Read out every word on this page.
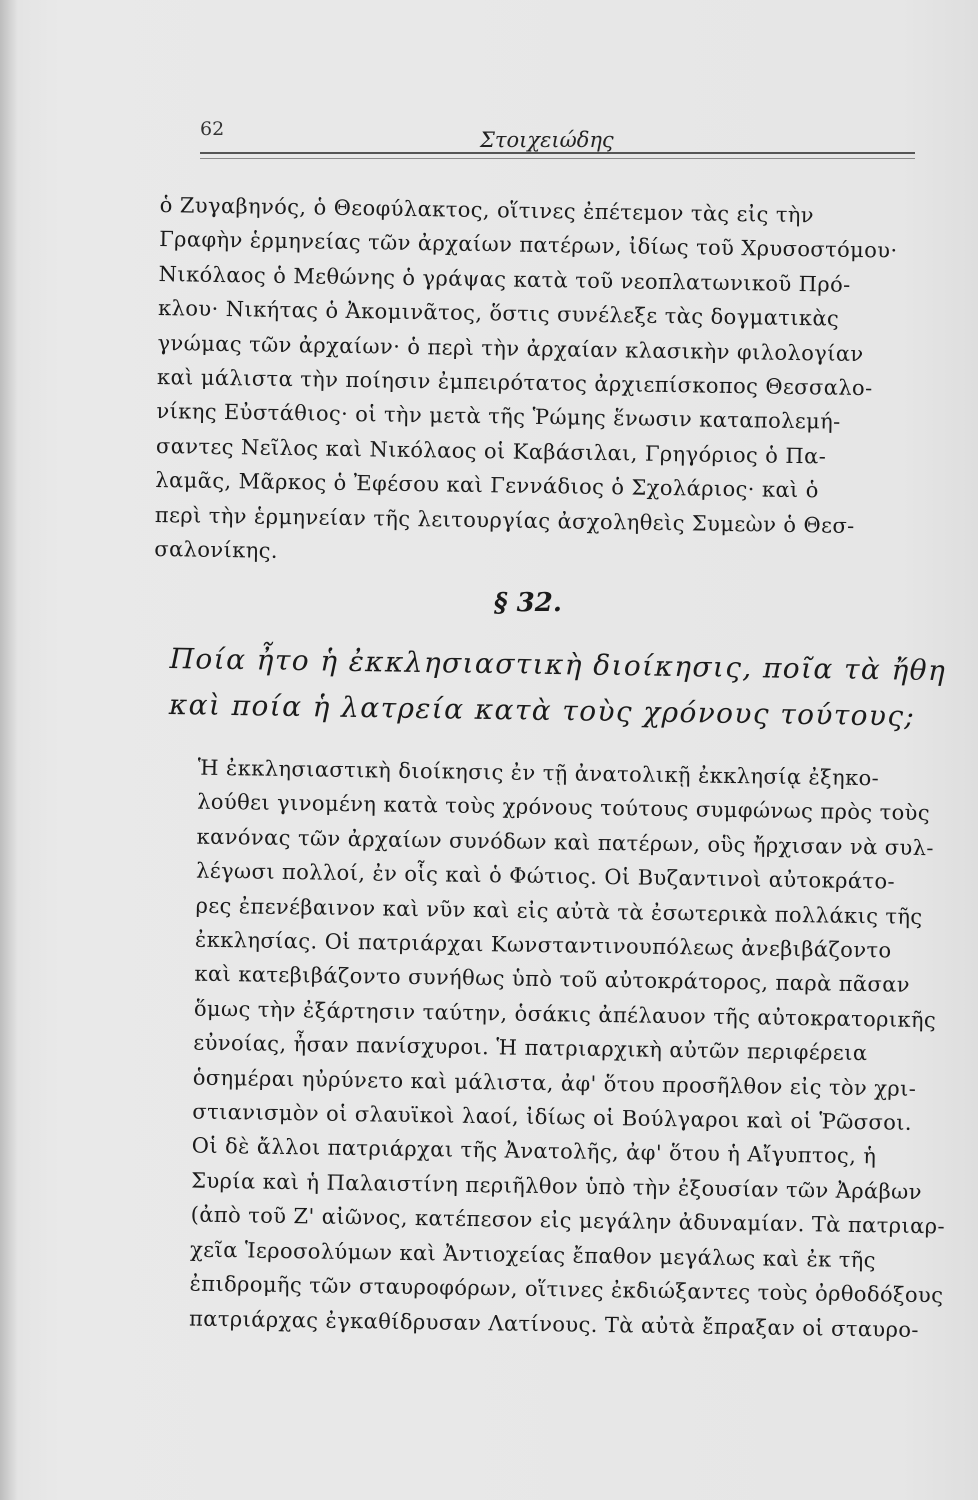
62	Στοιχειώδης
ὁ Ζυγαβηνός, ὁ Θεοφύλακτος, οἵτινες ἐπέτεμον τὰς εἰς τὴν
Γραφὴν ἑρμηνείας τῶν ἀρχαίων πατέρων, ἰδίως τοῦ Χρυσοστόμου·
Νικόλαος ὁ Μεθώνης ὁ γράψας κατὰ τοῦ νεοπλατωνικοῦ Πρό-
κλου· Νικήτας ὁ Ἀκομινᾶτος, ὅστις συνέλεξε τὰς δογματικὰς
γνώμας τῶν ἀρχαίων· ὁ περὶ τὴν ἀρχαίαν κλασικὴν φιλολογίαν
καὶ μάλιστα τὴν ποίησιν ἐμπειρότατος ἀρχιεπίσκοπος Θεσσαλο-
νίκης Εὐστάθιος· οἱ τὴν μετὰ τῆς Ῥώμης ἕνωσιν καταπολεμή-
σαντες Νεῖλος καὶ Νικόλαος οἱ Καβάσιλαι, Γρηγόριος ὁ Πα-
λαμᾶς, Μᾶρκος ὁ Ἐφέσου καὶ Γεννάδιος ὁ Σχολάριος· καὶ ὁ
περὶ τὴν ἑρμηνείαν τῆς λειτουργίας ἀσχοληθεὶς Συμεὼν ὁ Θεσ-
σαλονίκης.
§ 32.
Ποία ἦτο ἡ ἐκκλησιαστικὴ διοίκησις, ποῖα τὰ ἤθη
καὶ ποία ἡ λατρεία κατὰ τοὺς χρόνους τούτους;
Ἡ ἐκκλησιαστικὴ διοίκησις ἐν τῇ ἀνατολικῇ ἐκκλησίᾳ ἐξηκο-
λούθει γινομένη κατὰ τοὺς χρόνους τούτους συμφώνως πρὸς τοὺς
κανόνας τῶν ἀρχαίων συνόδων καὶ πατέρων, οὓς ἤρχισαν νὰ συλ-
λέγωσι πολλοί, ἐν οἷς καὶ ὁ Φώτιος. Οἱ Βυζαντινοὶ αὐτοκράτο-
ρες ἐπενέβαινον καὶ νῦν καὶ εἰς αὐτὰ τὰ ἐσωτερικὰ πολλάκις τῆς
ἐκκλησίας. Οἱ πατριάρχαι Κωνσταντινουπόλεως ἀνεβιβάζοντο
καὶ κατεβιβάζοντο συνήθως ὑπὸ τοῦ αὐτοκράτορος, παρὰ πᾶσαν
ὅμως τὴν ἐξάρτησιν ταύτην, ὁσάκις ἀπέλαυον τῆς αὐτοκρατορικῆς
εὐνοίας, ἦσαν πανίσχυροι. Ἡ πατριαρχικὴ αὐτῶν περιφέρεια
ὁσημέραι ηὐρύνετο καὶ μάλιστα, ἀφ' ὅτου προσῆλθον εἰς τὸν χρι-
στιανισμὸν οἱ σλαυϊκοὶ λαοί, ἰδίως οἱ Βούλγαροι καὶ οἱ Ῥῶσσοι.
Οἱ δὲ ἄλλοι πατριάρχαι τῆς Ἀνατολῆς, ἀφ' ὅτου ἡ Αἴγυπτος, ἡ
Συρία καὶ ἡ Παλαιστίνη περιῆλθον ὑπὸ τὴν ἐξουσίαν τῶν Ἀράβων
(ἀπὸ τοῦ Ζ' αἰῶνος, κατέπεσον εἰς μεγάλην ἀδυναμίαν. Τὰ πατριαρ-
χεῖα Ἱεροσολύμων καὶ Ἀντιοχείας ἔπαθον μεγάλως καὶ ἐκ τῆς
ἐπιδρομῆς τῶν σταυροφόρων, οἵτινες ἐκδιώξαντες τοὺς ὀρθοδόξους
πατριάρχας ἐγκαθίδρυσαν Λατίνους. Τὰ αὐτὰ ἔπραξαν οἱ σταυρο-
